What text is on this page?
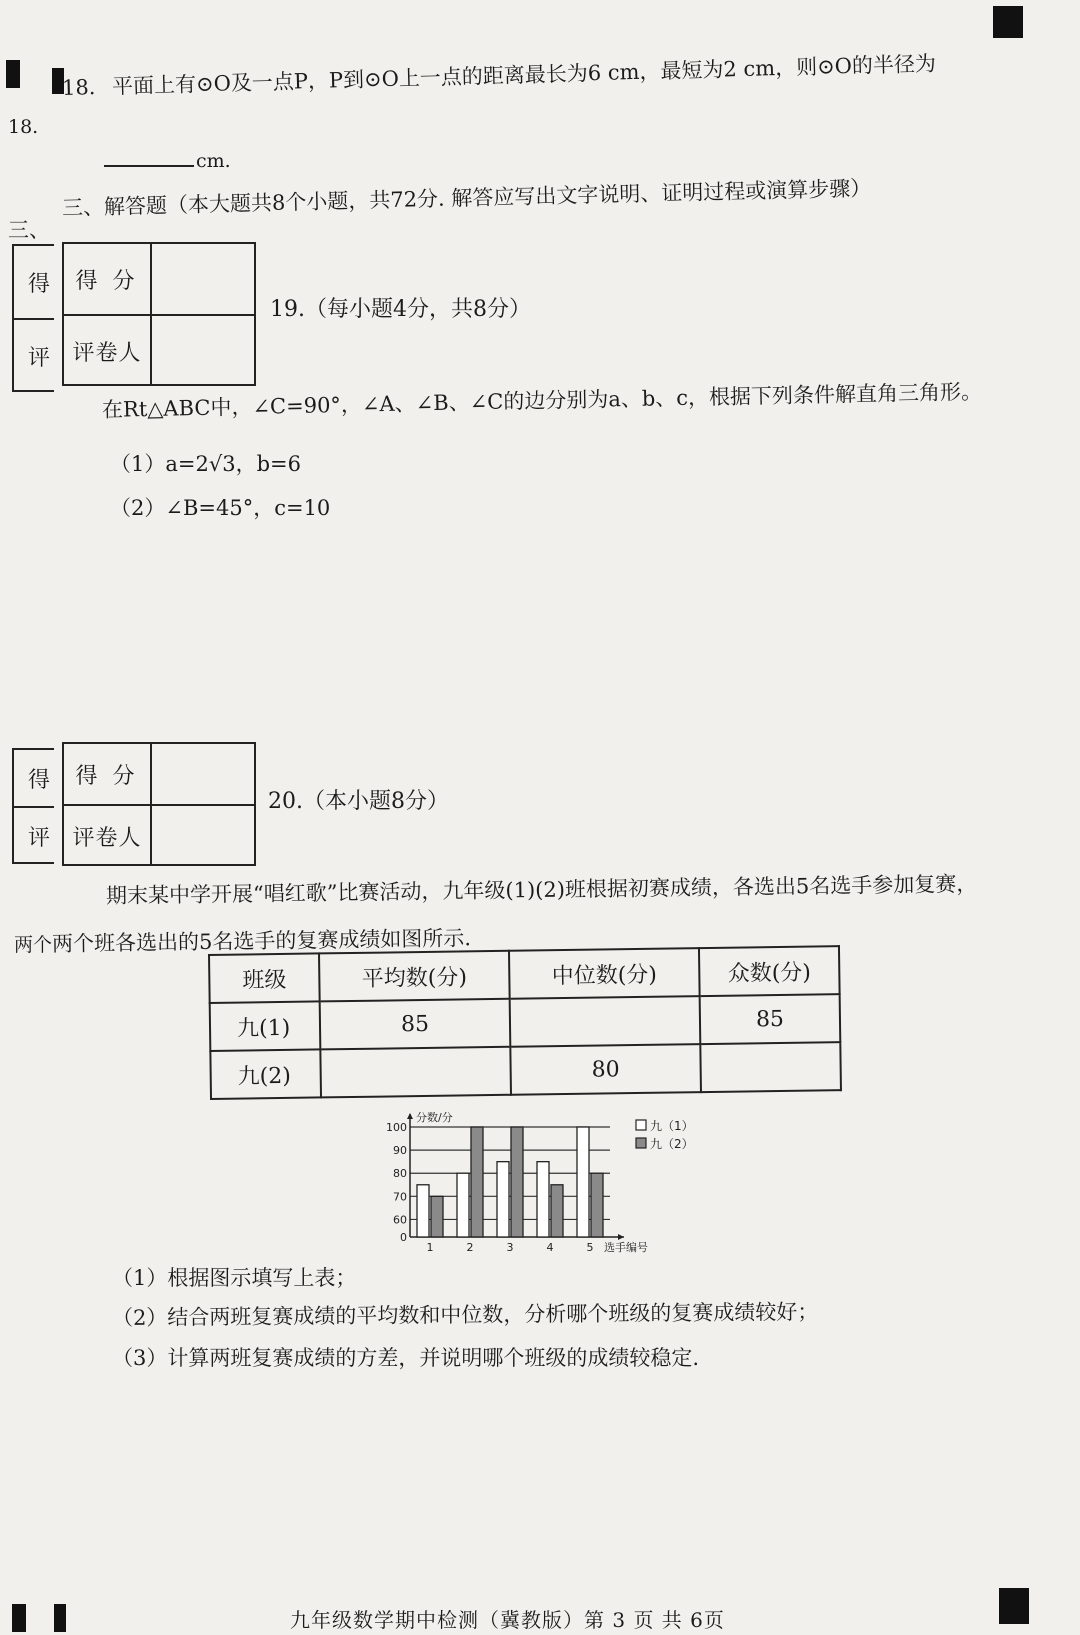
18.
18. 平面上有⊙O及一点P，P到⊙O上一点的距离最长为6 cm，最短为2 cm，则⊙O的半径为
cm.
三、
三、解答题（本大题共8个小题，共72分. 解答应写出文字说明、证明过程或演算步骤）
得
评
得 分
评卷人
19.（每小题4分，共8分）
在Rt△ABC中，∠C=90°，∠A、∠B、∠C的边分别为a、b、c，根据下列条件解直角三角形。
（1）a=2√3，b=6
（2）∠B=45°，c=10
得
评
得 分
评卷人
20.（本小题8分）
期末某中学开展“唱红歌”比赛活动，九年级(1)(2)班根据初赛成绩，各选出5名选手参加复赛，
两个 两个班各选出的5名选手的复赛成绩如图所示.
班级	平均数(分)	中位数(分)	众数(分)
九(1)	85		85
九(2)		80	
0
60
70
80
90
100
分数/分
1	2	3	4	5 选手编号
九（1）
九（2）
（1）根据图示填写上表；
（2）结合两班复赛成绩的平均数和中位数，分析哪个班级的复赛成绩较好；
（3）计算两班复赛成绩的方差，并说明哪个班级的成绩较稳定.
九年级数学期中检测（冀教版）第 3 页 共 6页
